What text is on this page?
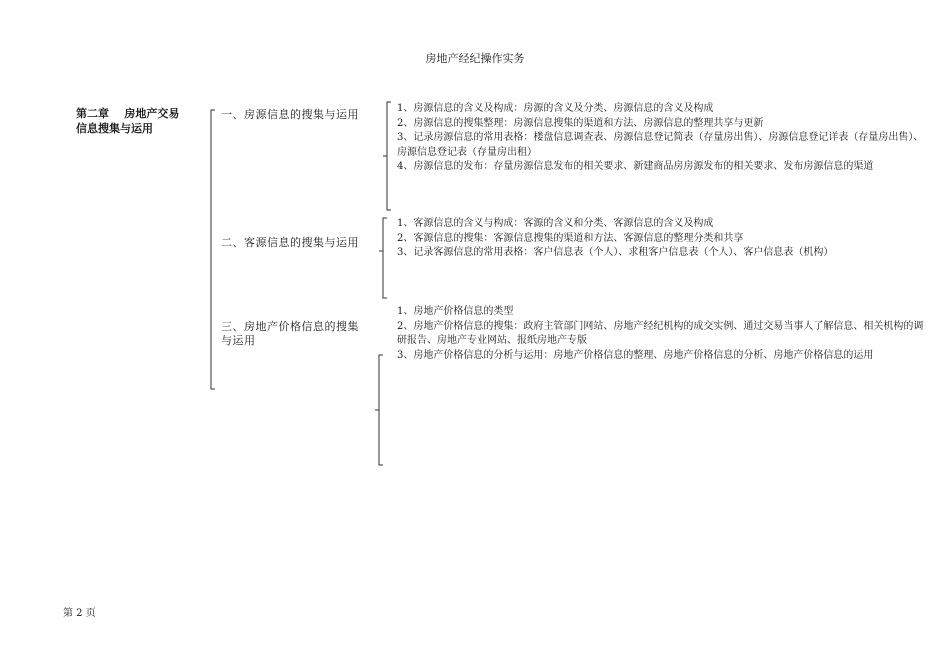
房地产经纪操作实务
第二章    房地产交易
信息搜集与运用
一、房源信息的搜集与运用
二、客源信息的搜集与运用
三、房地产价格信息的搜集与运用
1、房源信息的含义及构成：房源的含义及分类、房源信息的含义及构成
2、房源信息的搜集整理：房源信息搜集的渠道和方法、房源信息的整理共享与更新
3、记录房源信息的常用表格：楼盘信息调查表、房源信息登记简表（存量房出售）、房源信息登记详表（存量房出售）、房源信息登记表（存量房出租）
4、房源信息的发布：存量房源信息发布的相关要求、新建商品房房源发布的相关要求、发布房源信息的渠道
1、客源信息的含义与构成：客源的含义和分类、客源信息的含义及构成
2、客源信息的搜集：客源信息搜集的渠道和方法、客源信息的整理分类和共享
3、记录客源信息的常用表格：客户信息表（个人）、求租客户信息表（个人）、客户信息表（机构）
1、房地产价格信息的类型
2、房地产价格信息的搜集：政府主管部门网站、房地产经纪机构的成交实例、通过交易当事人了解信息、相关机构的调研报告、房地产专业网站、报纸房地产专版
3、房地产价格信息的分析与运用：房地产价格信息的整理、房地产价格信息的分析、房地产价格信息的运用
第 2 页
